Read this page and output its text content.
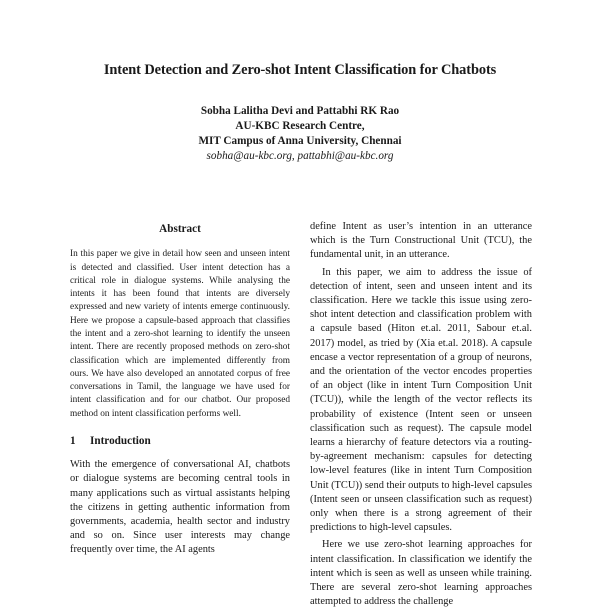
Intent Detection and Zero-shot Intent Classification for Chatbots
Sobha Lalitha Devi and Pattabhi RK Rao
AU-KBC Research Centre,
MIT Campus of Anna University, Chennai
sobha@au-kbc.org, pattabhi@au-kbc.org
Abstract

In this paper we give in detail how seen and unseen intent is detected and classified. User intent detection has a critical role in dialogue systems. While analysing the intents it has been found that intents are diversely expressed and new variety of intents emerge continuously. Here we propose a capsule-based approach that classifies the intent and a zero-shot learning to identify the unseen intent. There are recently proposed methods on zero-shot classification which are implemented differently from ours. We have also developed an annotated corpus of free conversations in Tamil, the language we have used for intent classification and for our chatbot. Our proposed method on intent classification performs well.

1 Introduction

With the emergence of conversational AI, chatbots or dialogue systems are becoming central tools in many applications such as virtual assistants helping the citizens in getting authentic information from governments, academia, health sector and industry and so on. Since user interests may change frequently over time, the AI agents

define Intent as user’s intention in an utterance which is the Turn Constructional Unit (TCU), the fundamental unit, in an utterance.

In this paper, we aim to address the issue of detection of intent, seen and unseen intent and its classification. Here we tackle this issue using zero-shot intent detection and classification problem with a capsule based (Hiton et.al. 2011, Sabour et.al. 2017) model, as tried by (Xia et.al. 2018). A capsule encase a vector representation of a group of neurons, and the orientation of the vector encodes properties of an object (like in intent Turn Composition Unit (TCU)), while the length of the vector reflects its probability of existence (Intent seen or unseen classification such as request). The capsule model learns a hierarchy of feature detectors via a routing-by-agreement mechanism: capsules for detecting low-level features (like in intent Turn Composition Unit (TCU)) send their outputs to high-level capsules (Intent seen or unseen classification such as request) only when there is a strong agreement of their predictions to high-level capsules.

Here we use zero-shot learning approaches for intent classification. In classification we identify the intent which is seen as well as unseen while training. There are several zero-shot learning approaches attempted to address the challenge
